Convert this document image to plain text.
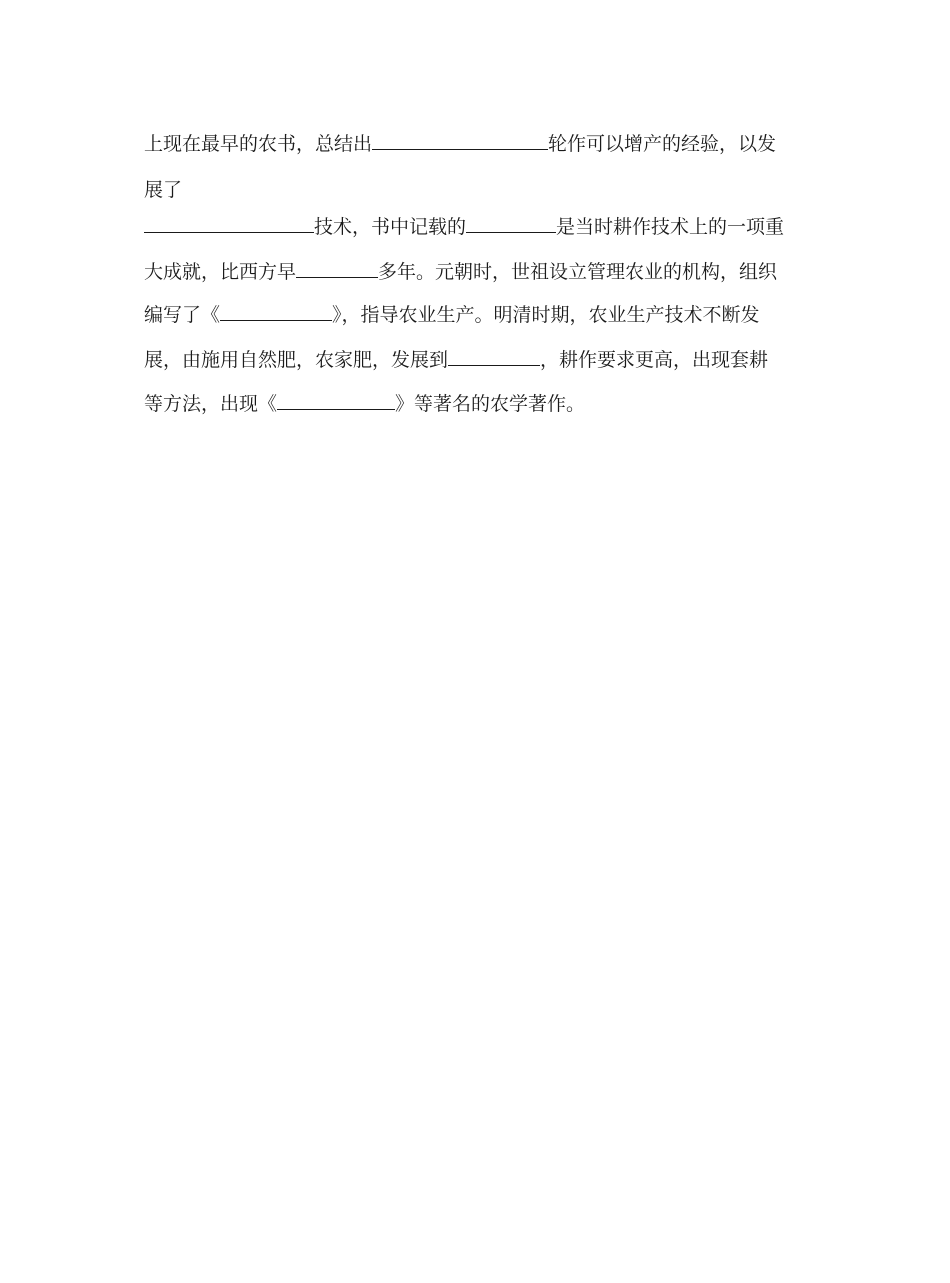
上现在最早的农书，总结出	轮作可以增产的经验，以发
展了
技术，书中记载的	是当时耕作技术上的一项重
大成就，比西方早	多年。元朝时，世祖设立管理农业的机构，组织
编写了《	》，指导农业生产。明清时期，农业生产技术不断发
展，由施用自然肥，农家肥，发展到	，耕作要求更高，出现套耕
等方法，出现《	》等著名的农学著作。
